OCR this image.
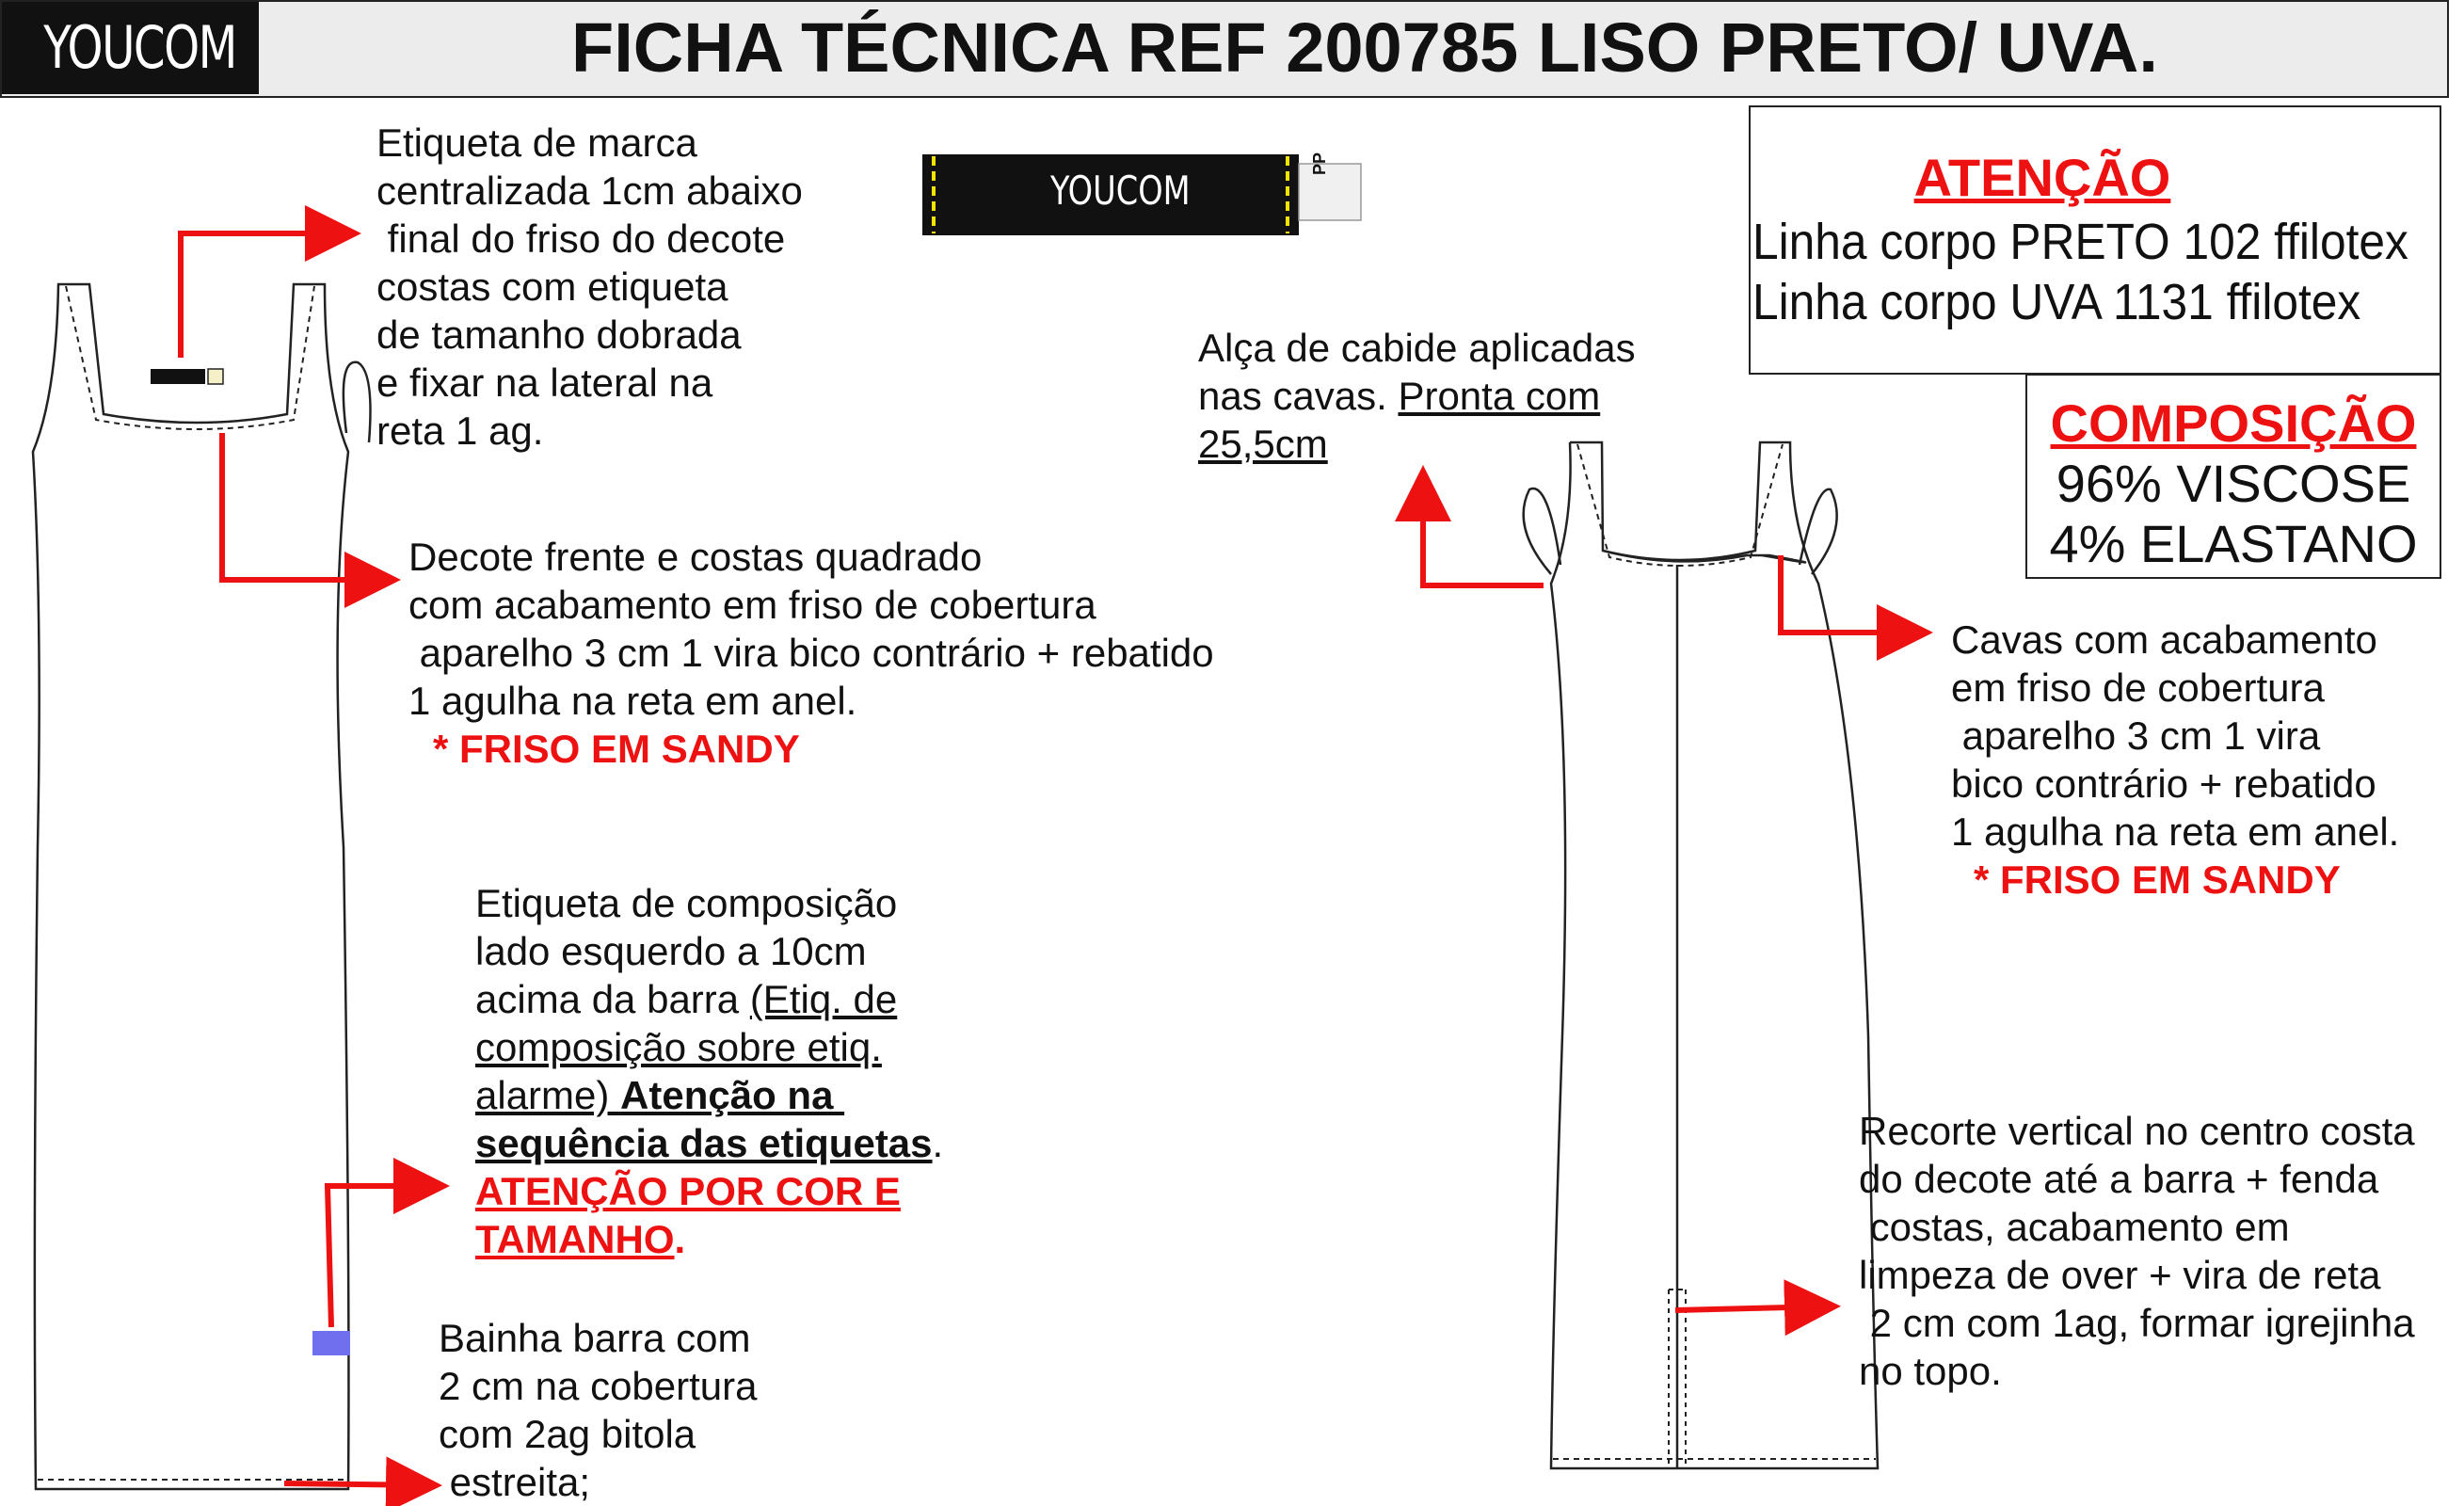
YOUCOM	FICHA TÉCNICA REF 200785 LISO PRETO/ UVA.
YOUCOM
PP	ATENÇÃO
Linha corpo PRETO 102 ffilotex
Linha corpo UVA 1131 ffilotex
COMPOSIÇÃO
96% VISCOSE
4% ELASTANO
Etiqueta de marca
centralizada 1cm abaixo
final do friso do decote
costas com etiqueta
de tamanho dobrada
e fixar na lateral na
reta 1 ag.
Decote frente e costas quadrado
com acabamento em friso de cobertura
aparelho 3 cm 1 vira bico contrário + rebatido
1 agulha na reta em anel.
* FRISO EM SANDY
Etiqueta de composição
lado esquerdo a 10cm
acima da barra (Etiq. de
composição sobre etiq.
alarme) Atenção na
sequência das etiquetas.
ATENÇÃO POR COR E
TAMANHO.
Bainha barra com
2 cm na cobertura
com 2ag bitola
estreita;
Alça de cabide aplicadas
nas cavas. Pronta com
25,5cm
Cavas com acabamento
em friso de cobertura
aparelho 3 cm 1 vira
bico contrário + rebatido
1 agulha na reta em anel.
* FRISO EM SANDY
Recorte vertical no centro costa
do decote até a barra + fenda
costas, acabamento em
limpeza de over + vira de reta
2 cm com 1ag, formar igrejinha
no topo.
